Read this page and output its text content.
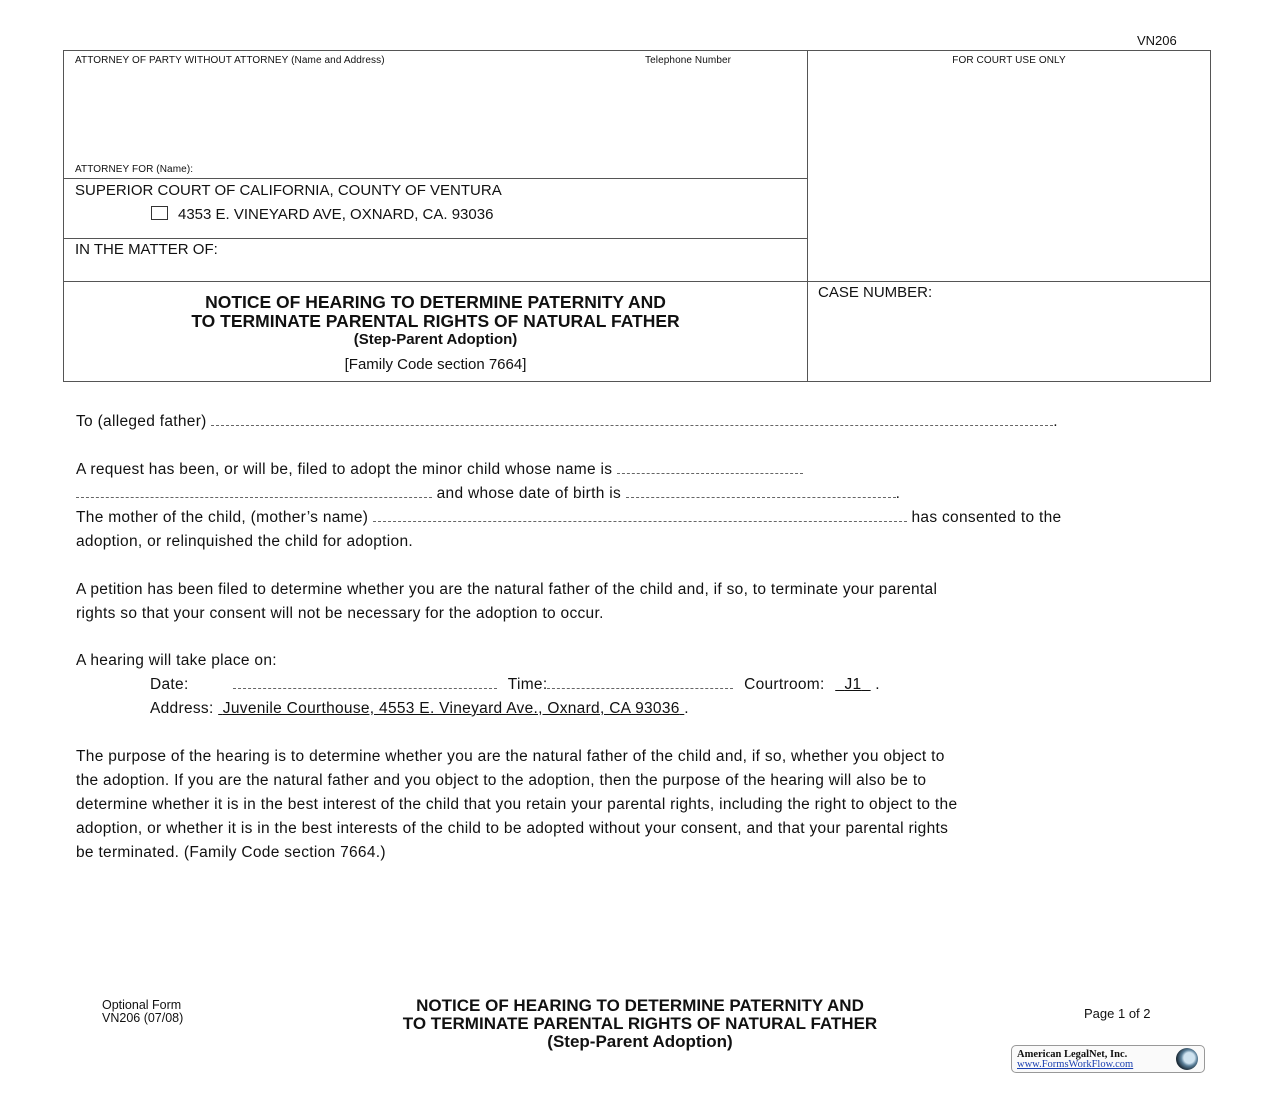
VN206
ATTORNEY OF PARTY WITHOUT ATTORNEY (Name and Address)	Telephone Number
ATTORNEY FOR (Name):
FOR COURT USE ONLY
SUPERIOR COURT OF CALIFORNIA, COUNTY OF VENTURA
4353 E. VINEYARD AVE, OXNARD, CA. 93036
IN THE MATTER OF:
NOTICE OF HEARING TO DETERMINE PATERNITY AND
TO TERMINATE PARENTAL RIGHTS OF NATURAL FATHER
(Step-Parent Adoption)
[Family Code section 7664]
CASE NUMBER:
To (alleged father)	.
A request has been, or will be, filed to adopt the minor child whose name is
and whose date of birth is	.
The mother of the child, (mother’s name)	has consented to the
adoption, or relinquished the child for adoption.
A petition has been filed to determine whether you are the natural father of the child and, if so, to terminate your parental
rights so that your consent will not be necessary for the adoption to occur.
A hearing will take place on:
Date:	Time:	Courtroom: J1   .
Address: Juvenile Courthouse, 4553 E. Vineyard Ave., Oxnard, CA 93036 .
The purpose of the hearing is to determine whether you are the natural father of the child and, if so, whether you object to
the adoption. If you are the natural father and you object to the adoption, then the purpose of the hearing will also be to
determine whether it is in the best interest of the child that you retain your parental rights, including the right to object to the
adoption, or whether it is in the best interests of the child to be adopted without your consent, and that your parental rights
be terminated. (Family Code section 7664.)
Optional Form
VN206 (07/08)
NOTICE OF HEARING TO DETERMINE PATERNITY AND
TO TERMINATE PARENTAL RIGHTS OF NATURAL FATHER
(Step-Parent Adoption)
Page 1 of 2
American LegalNet, Inc.
www.FormsWorkFlow.com
